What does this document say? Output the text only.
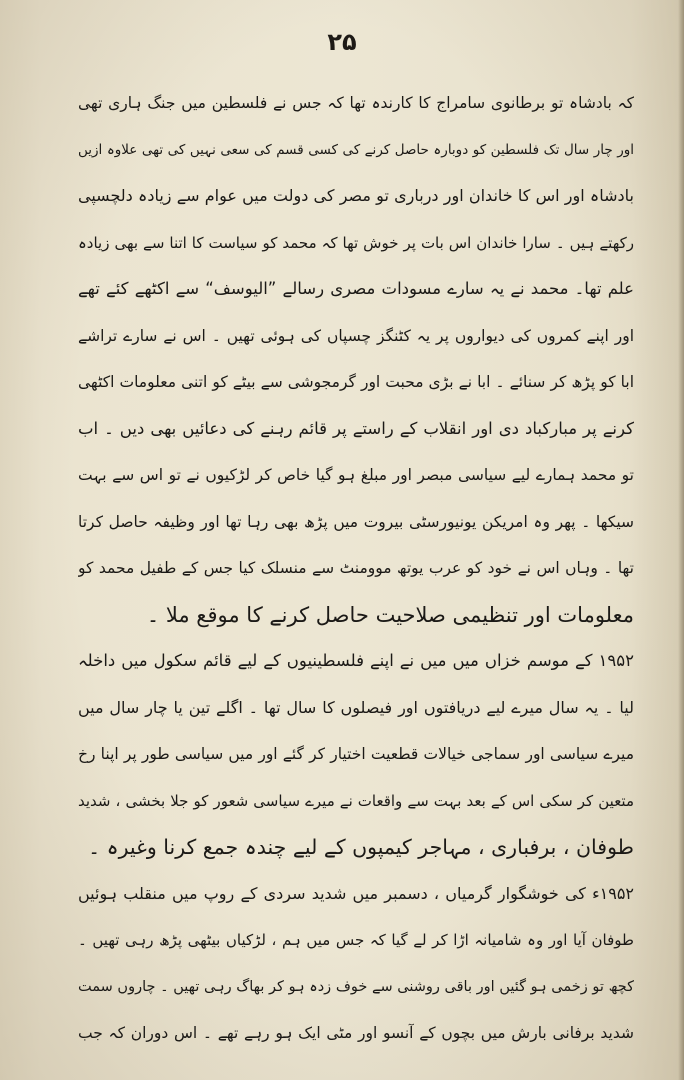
۲۵
کہ بادشاہ تو برطانوی سامراج کا کارندہ تھا کہ جس نے فلسطین میں جنگ ہاری تھی
اور چار سال تک فلسطین کو دوبارہ حاصل کرنے کی کسی قسم کی سعی نہیں کی تھی علاوہ ازیں
بادشاہ اور اس کا خاندان اور درباری تو مصر کی دولت میں عوام سے زیادہ دلچسپی
رکھتے ہیں ۔ سارا خاندان اس بات پر خوش تھا کہ محمد کو سیاست کا اتنا سے بھی زیادہ
علم تھا۔ محمد نے یہ سارے مسودات مصری رسالے ”الیوسف“ سے اکٹھے کئے تھے
اور اپنے کمروں کی دیواروں پر یہ کٹنگز چسپاں کی ہوئی تھیں ۔ اس نے سارے تراشے
ابا کو پڑھ کر سنائے ۔ ابا نے بڑی محبت اور گرمجوشی سے بیٹے کو اتنی معلومات اکٹھی
کرنے پر مبارکباد دی اور انقلاب کے راستے پر قائم رہنے کی دعائیں بھی دیں ۔ اب
تو محمد ہمارے لیے سیاسی مبصر اور مبلغ ہو گیا خاص کر لڑکیوں نے تو اس سے بہت
سیکھا ۔ پھر وہ امریکن یونیورسٹی بیروت میں پڑھ بھی رہا تھا اور وظیفہ حاصل کرتا
تھا ۔ وہاں اس نے خود کو عرب یوتھ موومنٹ سے منسلک کیا جس کے طفیل محمد کو
معلومات اور تنظیمی صلاحیت حاصل کرنے کا موقع ملا ۔
۱۹۵۲ کے موسم خزاں میں میں نے اپنے فلسطینیوں کے لیے قائم سکول میں داخلہ
لیا ۔ یہ سال میرے لیے دریافتوں اور فیصلوں کا سال تھا ۔ اگلے تین یا چار سال میں
میرے سیاسی اور سماجی خیالات قطعیت اختیار کر گئے اور میں سیاسی طور پر اپنا رخ
متعین کر سکی اس کے بعد بہت سے واقعات نے میرے سیاسی شعور کو جلا بخشی ، شدید
طوفان ، برفباری ، مہاجر کیمپوں کے لیے چندہ جمع کرنا وغیرہ ۔
۱۹۵۲ء کی خوشگوار گرمیاں ، دسمبر میں شدید سردی کے روپ میں منقلب ہوئیں
طوفان آیا اور وہ شامیانہ اڑا کر لے گیا کہ جس میں ہم ، لڑکیاں بیٹھی پڑھ رہی تھیں ۔
کچھ تو زخمی ہو گئیں اور باقی روشنی سے خوف زدہ ہو کر بھاگ رہی تھیں ۔ چاروں سمت
شدید برفانی بارش میں بچوں کے آنسو اور مٹی ایک ہو رہے تھے ۔ اس دوران کہ جب
